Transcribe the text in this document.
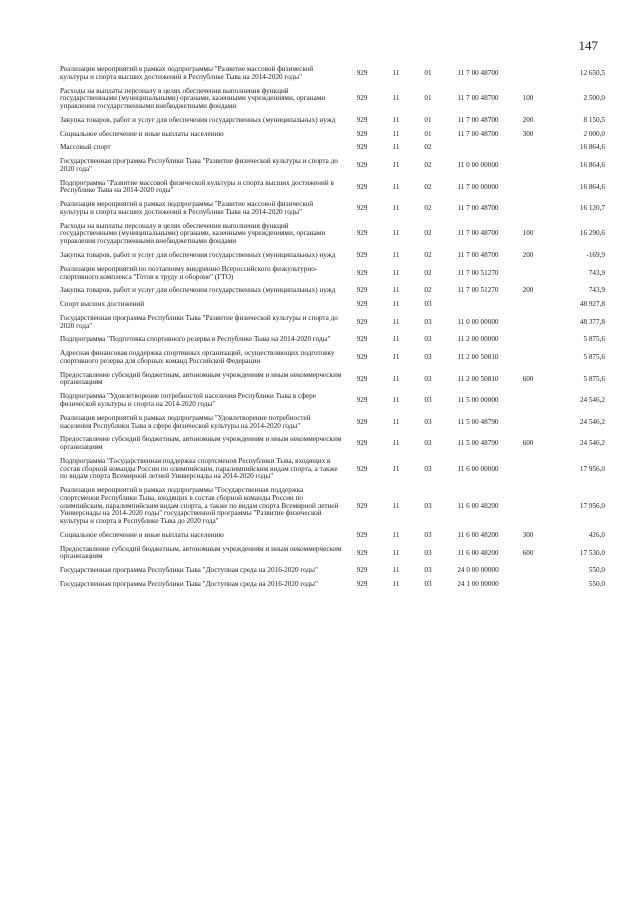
147
Реализация мероприятий в рамках подпрограммы "Развитие массовой физической культуры и спорта высших достижений в Республике Тыва на 2014-2020 годы"	929	11	01	11 7 00 48700		12 650,5

Расходы на выплаты персоналу в целях обеспечения выполнения функций государственными (муниципальными) органами, казенными учреждениями, органами управления государственными внебюджетными фондами	929	11	01	11 7 00 48700	100	2 500,0

Закупка товаров, работ и услуг для обеспечения государственных (муниципальных) нужд	929	11	01	11 7 00 48700	200	8 150,5

Социальное обеспечение и иные выплаты населению	929	11	01	11 7 00 48700	300	2 000,0

Массовый спорт	929	11	02			16 864,6

Государственная программа Республики Тыва "Развитие физической культуры и спорта до 2020 года"	929	11	02	11 0 00 00000		16 864,6

Подпрограмма "Развитие массовой физической культуры и спорта высших достижений в Республике Тыва на 2014-2020 годы"	929	11	02	11 7 00 00000		16 864,6

Реализация мероприятий в рамках подпрограммы "Развитие массовой физической культуры и спорта высших достижений в Республике Тыва на 2014-2020 годы"	929	11	02	11 7 00 48700		16 120,7

Расходы на выплаты персоналу в целях обеспечения выполнения функций государственными (муниципальными) органами, казенными учреждениями, органами управления государственными внебюджетными фондами	929	11	02	11 7 00 48700	100	16 290,6

Закупка товаров, работ и услуг для обеспечения государственных (муниципальных) нужд	929	11	02	11 7 00 48700	200	-169,9

Реализация мероприятий по поэтапному внедрению Всероссийского физкультурно-спортивного комплекса "Готов к труду и обороне" (ГТО)	929	11	02	11 7 00 51270		743,9

Закупка товаров, работ и услуг для обеспечения государственных (муниципальных) нужд	929	11	02	11 7 00 51270	200	743,9

Спорт высших достижений	929	11	03			48 927,8

Государственная программа Республики Тыва "Развитие физической культуры и спорта до 2020 года"	929	11	03	11 0 00 00000		48 377,8

Подпрограмма "Подготовка спортивного резерва в Республике Тыва на 2014-2020 годы"	929	11	03	11 2 00 00000		5 875,6

Адресная финансовая поддержка спортивных организаций, осуществляющих подготовку спортивного резерва для сборных команд Российской Федерации	929	11	03	11 2 00 50810		5 875,6

Предоставление субсидий бюджетным, автономным учреждениям и иным некоммерческим организациям	929	11	03	11 2 00 50810	600	5 875,6

Подпрограмма "Удовлетворение потребностей населения Республики Тыва в сфере физической культуры и спорта на 2014-2020 годы"	929	11	03	11 5 00 00000		24 546,2

Реализация мероприятий в рамках подпрограммы "Удовлетворение потребностей населения Республики Тыва в сфере физической культуры на 2014-2020 годы"	929	11	03	11 5 00 48790		24 546,2

Предоставление субсидий бюджетным, автономным учреждениям и иным некоммерческим организациям	929	11	03	11 5 00 48790	600	24 546,2

Подпрограмма "Государственная поддержка спортсменов Республики Тыва, входящих в состав сборной команды России по олимпийским, паралимпийским видам спорта, а также по видам спорта Всемирной летней Универсиады на 2014-2020 годы"	929	11	03	11 6 00 00000		17 956,0

Реализация мероприятий в рамках подпрограммы "Государственная поддержка спортсменов Республики Тыва, входящих в состав сборной команды России по олимпийским, паралимпийским видам спорта, а также по видам спорта Всемирной летней Универсиады на 2014-2020 годы" государственной программы "Развитие физической культуры и спорта в Республике Тыва до 2020 года"	929	11	03	11 6 00 48200		17 956,0

Социальное обеспечение и иные выплаты населению	929	11	03	11 6 00 48200	300	426,0

Предоставление субсидий бюджетным, автономным учреждениям и иным некоммерческим организациям	929	11	03	11 6 00 48200	600	17 530,0

Государственная программа Республики Тыва "Доступная среда на 2016-2020 годы"	929	11	03	24 0 00 00000		550,0

Государственная программа Республики Тыва "Доступная среда на 2016-2020 годы"	929	11	03	24 1 00 00000		550,0
